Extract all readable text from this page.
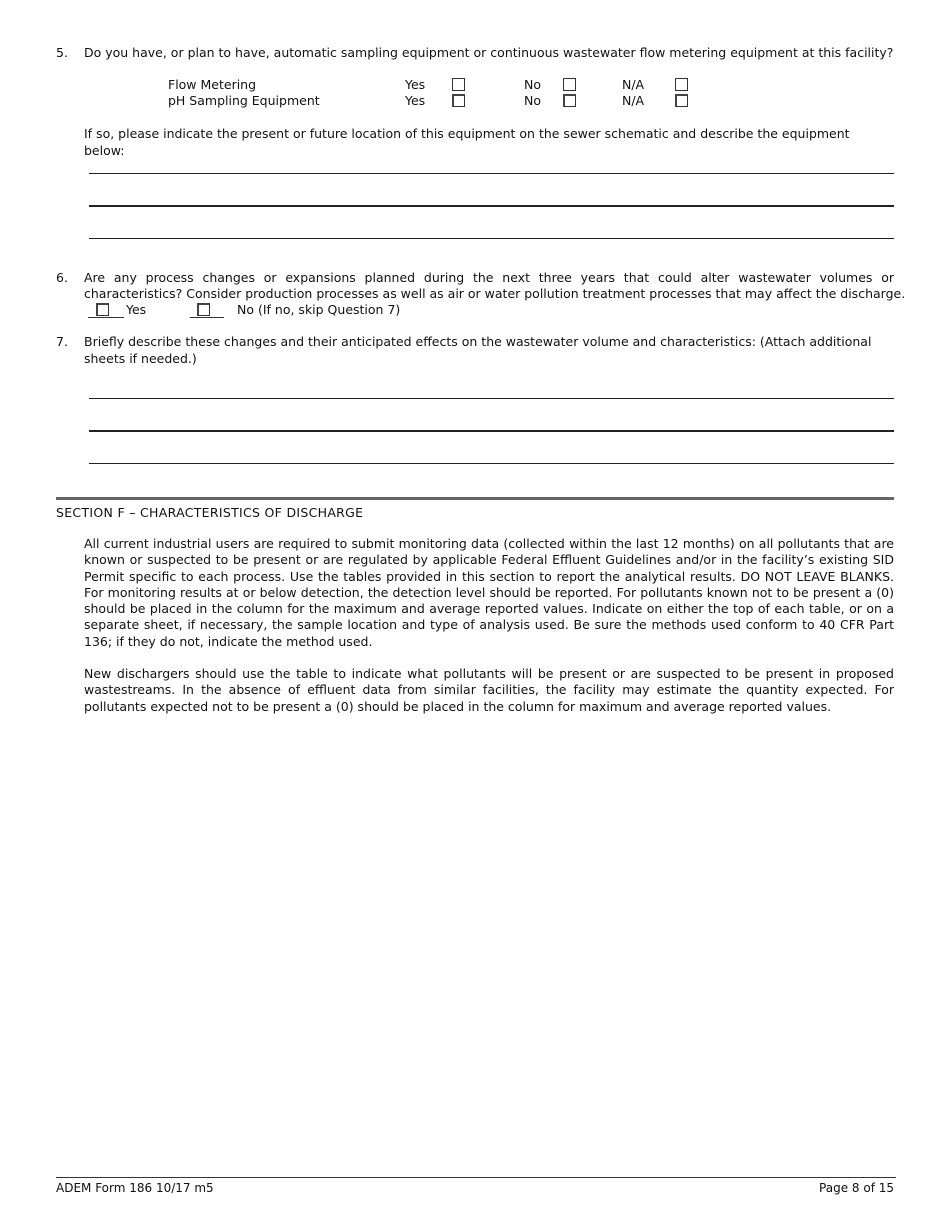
5. Do you have, or plan to have, automatic sampling equipment or continuous wastewater flow metering equipment at this facility?
Flow Metering	Yes	No	N/A
pH Sampling Equipment	Yes	No	N/A
If so, please indicate the present or future location of this equipment on the sewer schematic and describe the equipment below:
6. Are any process changes or expansions planned during the next three years that could alter wastewater volumes or
characteristics? Consider production processes as well as air or water pollution treatment processes that may affect the discharge.
Yes	No (If no, skip Question 7)
7. Briefly describe these changes and their anticipated effects on the wastewater volume and characteristics: (Attach additional sheets if needed.)
SECTION F – CHARACTERISTICS OF DISCHARGE
All current industrial users are required to submit monitoring data (collected within the last 12 months) on all pollutants that are known or suspected to be present or are regulated by applicable Federal Effluent Guidelines and/or in the facility’s existing SID Permit specific to each process. Use the tables provided in this section to report the analytical results. DO NOT LEAVE BLANKS. For monitoring results at or below detection, the detection level should be reported. For pollutants known not to be present a (0) should be placed in the column for the maximum and average reported values. Indicate on either the top of each table, or on a separate sheet, if necessary, the sample location and type of analysis used. Be sure the methods used conform to 40 CFR Part 136; if they do not, indicate the method used.
New dischargers should use the table to indicate what pollutants will be present or are suspected to be present in proposed wastestreams. In the absence of effluent data from similar facilities, the facility may estimate the quantity expected. For pollutants expected not to be present a (0) should be placed in the column for maximum and average reported values.
ADEM Form 186 10/17 m5	Page 8 of 15
